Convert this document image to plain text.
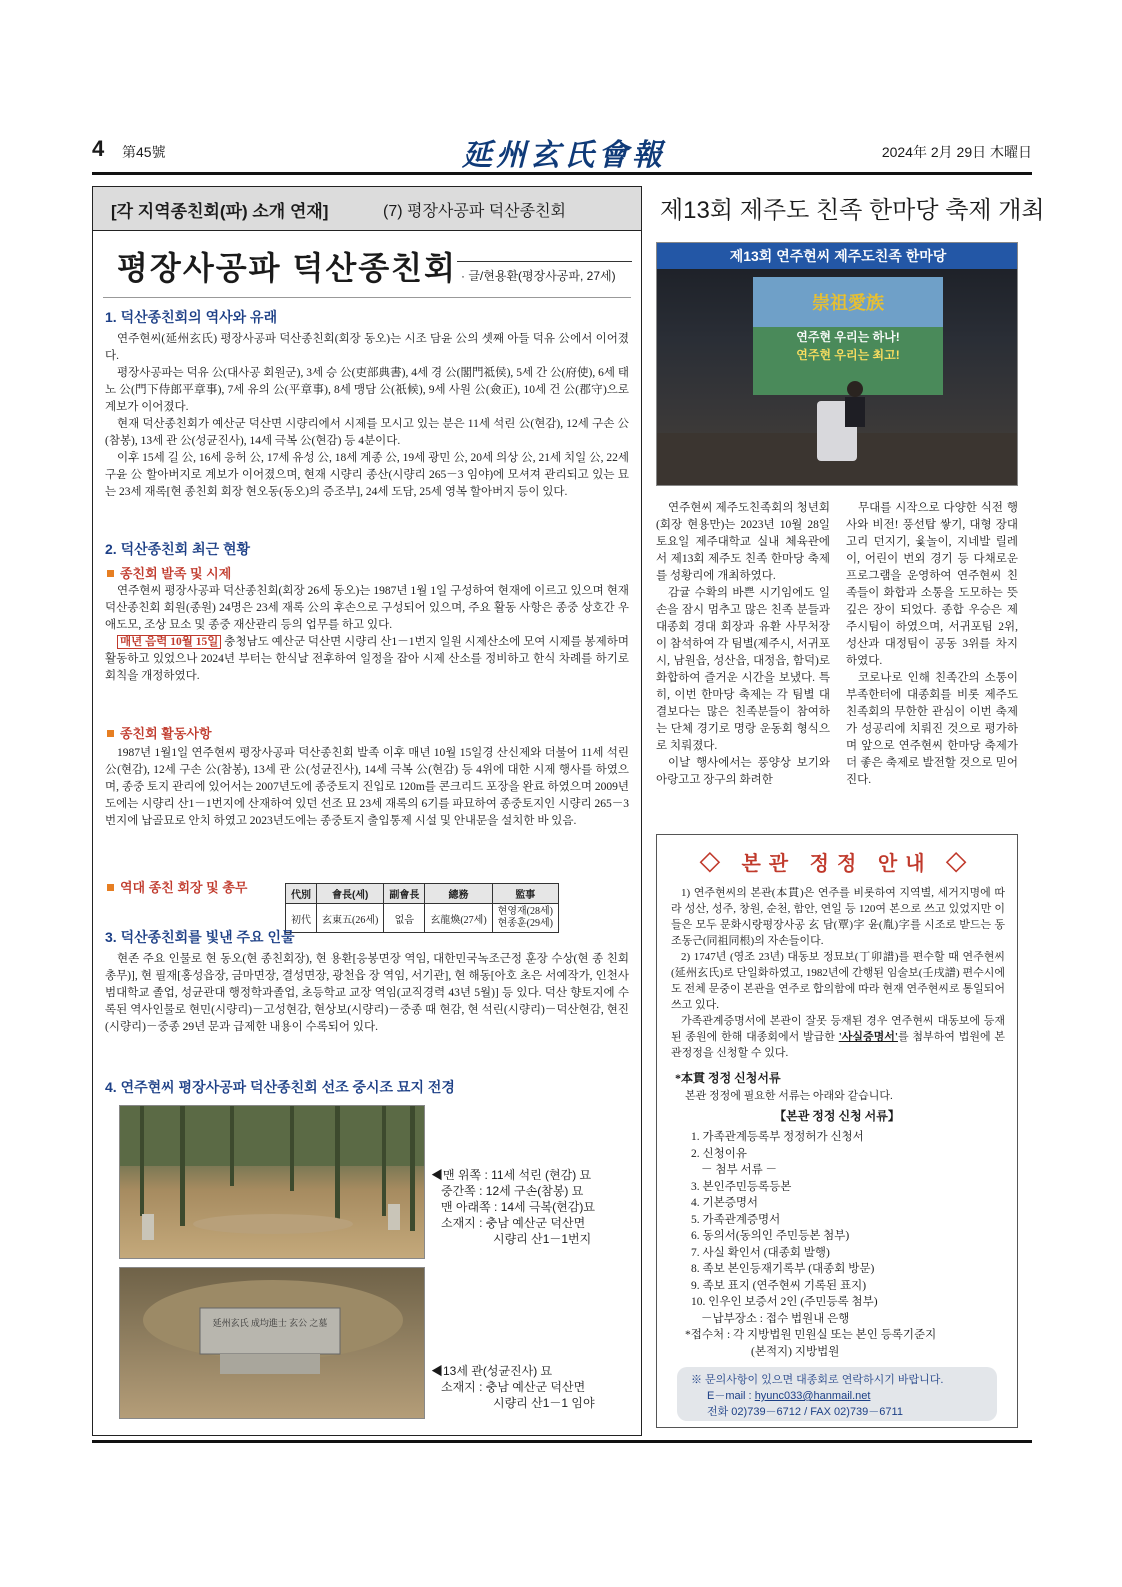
4 第45號	延州玄氏會報	2024年 2月 29日 木曜日
[각 지역종친회(파) 소개 연재]	(7) 평장사공파 덕산종친회
평장사공파 덕산종친회 · 글/현용환(평장사공파, 27세)
1. 덕산종친회의 역사와 유래

연주현씨(延州玄氏) 평장사공파 덕산종친회(회장 동오)는 시조 담윤 公의 셋째 아들 덕유 公에서 이어졌다.

평장사공파는 덕유 公(대사공 회원군), 3세 승 公(吏部典書), 4세 경 公(閣門祗侯), 5세 간 公(府使), 6세 태노 公(門下侍郎平章事), 7세 유의 公(平章事), 8세 맹담 公(祇候), 9세 사원 公(僉正), 10세 건 公(郡守)으로 계보가 이어졌다.

현재 덕산종친회가 예산군 덕산면 시량리에서 시제를 모시고 있는 분은 11세 석린 公(현감), 12세 구손 公(참봉), 13세 관 公(성균진사), 14세 극복 公(현감) 등 4분이다.

이후 15세 길 公, 16세 응허 公, 17세 유성 公, 18세 계종 公, 19세 광민 公, 20세 의상 公, 21세 치일 公, 22세 구윤 公 할아버지로 계보가 이어졌으며, 현재 시량리 종산(시량리 265－3 임야)에 모셔져 관리되고 있는 묘는 23세 재록[현 종친회 회장 현오동(동오)의 증조부], 24세 도담, 25세 영복 할아버지 등이 있다.

2. 덕산종친회 최근 현황
종친회 발족 및 시제

연주현씨 평장사공파 덕산종친회(회장 26세 동오)는 1987년 1월 1일 구성하여 현재에 이르고 있으며 현재 덕산종친회 회원(종원) 24명은 23세 재록 公의 후손으로 구성되어 있으며, 주요 활동 사항은 종중 상호간 우애도모, 조상 묘소 및 종중 재산관리 등의 업무를 하고 있다.

매년 음력 10월 15일 충청남도 예산군 덕산면 시량리 산1－1번지 일원 시제산소에 모여 시제를 봉제하며 활동하고 있었으나 2024년 부터는 한식날 전후하여 일정을 잡아 시제 산소를 정비하고 한식 차례를 하기로 회칙을 개정하였다.

종친회 활동사항

1987년 1월1일 연주현씨 평장사공파 덕산종친회 발족 이후 매년 10월 15일경 산신제와 더불어 11세 석린 公(현감), 12세 구손 公(참봉), 13세 관 公(성균진사), 14세 극복 公(현감) 등 4위에 대한 시제 행사를 하였으며, 종중 토지 관리에 있어서는 2007년도에 종중토지 진입로 120m를 콘크리드 포장을 완료 하였으며 2009년도에는 시량리 산1－1번지에 산재하여 있던 선조 묘 23세 재록의 6기를 파묘하여 종중토지인 시량리 265－3번지에 납골묘로 안치 하였고 2023년도에는 종중토지 출입통제 시설 및 안내문을 설치한 바 있음.

역대 종친 회장 및 총무
代別	會長(세)	副會長	總務	監事
初代	玄東五(26세)	없음	玄龍煥(27세)	현영재(28세)
현종훈(29세)
3. 덕산종친회를 빛낸 주요 인물

현존 주요 인물로 현 동오(현 종친회장), 현 용환[응봉면장 역임, 대한민국녹조근정 훈장 수상(현 종 친회 총무)], 현 필재[홍성읍장, 금마면장, 결성면장, 광천읍 장 역임, 서기관], 현 해동[아호 초은 서예작가, 인천사범대학교 졸업, 성균관대 행정학과졸업, 초등학교 교장 역임(교직경력 43년 5월)] 등 있다. 덕산 향토지에 수록된 역사인물로 현민(시량리)－고성현감, 현상보(시량리)－중종 때 현감, 현 석린(시량리)－덕산현감, 현진(시량리)－중종 29년 문과 급제한 내용이 수록되어 있다.

4. 연주현씨 평장사공파 덕산종친회 선조 중시조 묘지 전경
◀맨 위쪽 : 11세 석린 (현감) 묘
중간쪽 : 12세 구손(참봉) 묘
맨 아래쪽 : 14세 극복(현감)묘
소재지 : 충남 예산군 덕산면
시량리 산1－1번지
延州玄氏 成均進士 玄公 之墓
◀13세 관(성균진사) 묘
소재지 : 충남 예산군 덕산면
시량리 산1－1 임야
제13회 제주도 친족 한마당 축제 개최
제13회 연주현씨 제주도친족 한마당
崇祖愛族
연주현 우리는 하나!
연주현 우리는 최고!

연주현씨 제주도친족회의 청년회(회장 현용만)는 2023년 10월 28일 토요일 제주대학교 실내 체육관에서 제13회 제주도 친족 한마당 축제를 성황리에 개최하였다.

감귤 수확의 바쁜 시기임에도 일손을 잠시 멈추고 많은 친족 분들과 대종회 경대 회장과 유환 사무처장이 참석하여 각 팀별(제주시, 서귀포시, 남원읍, 성산읍, 대정읍, 함덕)로 화합하여 즐거운 시간을 보냈다. 특히, 이번 한마당 축제는 각 팀별 대결보다는 많은 친족분들이 참여하는 단체 경기로 명랑 운동회 형식으로 치뤄졌다.

이날 행사에서는 풍양상 보기와 아랑고고 장구의 화려한

무대를 시작으로 다양한 식전 행사와 비전! 풍선탑 쌓기, 대형 장대 고리 던지기, 윷놀이, 지네발 릴레이, 어린이 번외 경기 등 다채로운 프로그램을 운영하여 연주현씨 친족들이 화합과 소통을 도모하는 뜻깊은 장이 되었다. 종합 우승은 제주시팀이 하였으며, 서귀포팀 2위, 성산과 대정팀이 공동 3위를 차지하였다.

코로나로 인해 친족간의 소통이 부족한터에 대종회를 비롯 제주도 친족회의 무한한 관심이 이번 축제가 성공리에 치뤄진 것으로 평가하며 앞으로 연주현씨 한마당 축제가 더 좋은 축제로 발전할 것으로 믿어진다.

◇ 본관 정정 안내 ◇

1) 연주현씨의 본관(本貫)은 연주를 비롯하여 지역별, 세거지명에 따라 성산, 성주, 창원, 순천, 함안, 연일 등 120여 본으로 쓰고 있었지만 이들은 모두 문화시랑평장사공 玄 담(覃)字 윤(胤)字를 시조로 받드는 동조동근(同祖同根)의 자손들이다.

2) 1747년 (영조 23년) 대동보 정묘보(丁卯譜)를 편수할 때 연주현씨(延州玄氏)로 단일화하였고, 1982년에 간행된 임술보(壬戌譜) 편수시에도 전체 문중이 본관을 연주로 합의함에 따라 현재 연주현씨로 통일되어 쓰고 있다.

가족관계증명서에 본관이 잘못 등재된 경우 연주현씨 대동보에 등재된 종원에 한해 대종회에서 발급한 '사실증명서'를 첨부하여 법원에 본관정정을 신청할 수 있다.

*本貫 정정 신청서류
본관 정정에 필요한 서류는 아래와 같습니다.
【본관 정정 신청 서류】
1. 가족관계등록부 정정허가 신청서
2. 신청이유
－ 첨부 서류 －
3. 본인주민등록등본
4. 기본증명서
5. 가족관계증명서
6. 동의서(동의인 주민등본 첨부)
7. 사실 확인서 (대종회 발행)
8. 족보 본인등재기록부 (대종회 방문)
9. 족보 표지 (연주현씨 기록된 표지)
10. 인우인 보증서 2인 (주민등록 첨부)
－납부장소 : 접수 법원내 은행
*접수처 : 각 지방법원 민원실 또는 본인 등록기준지
(본적지) 지방법원
※ 문의사항이 있으면 대종회로 연락하시기 바랍니다.
E－mail : hyunc033@hanmail.net
전화 02)739－6712 / FAX 02)739－6711
